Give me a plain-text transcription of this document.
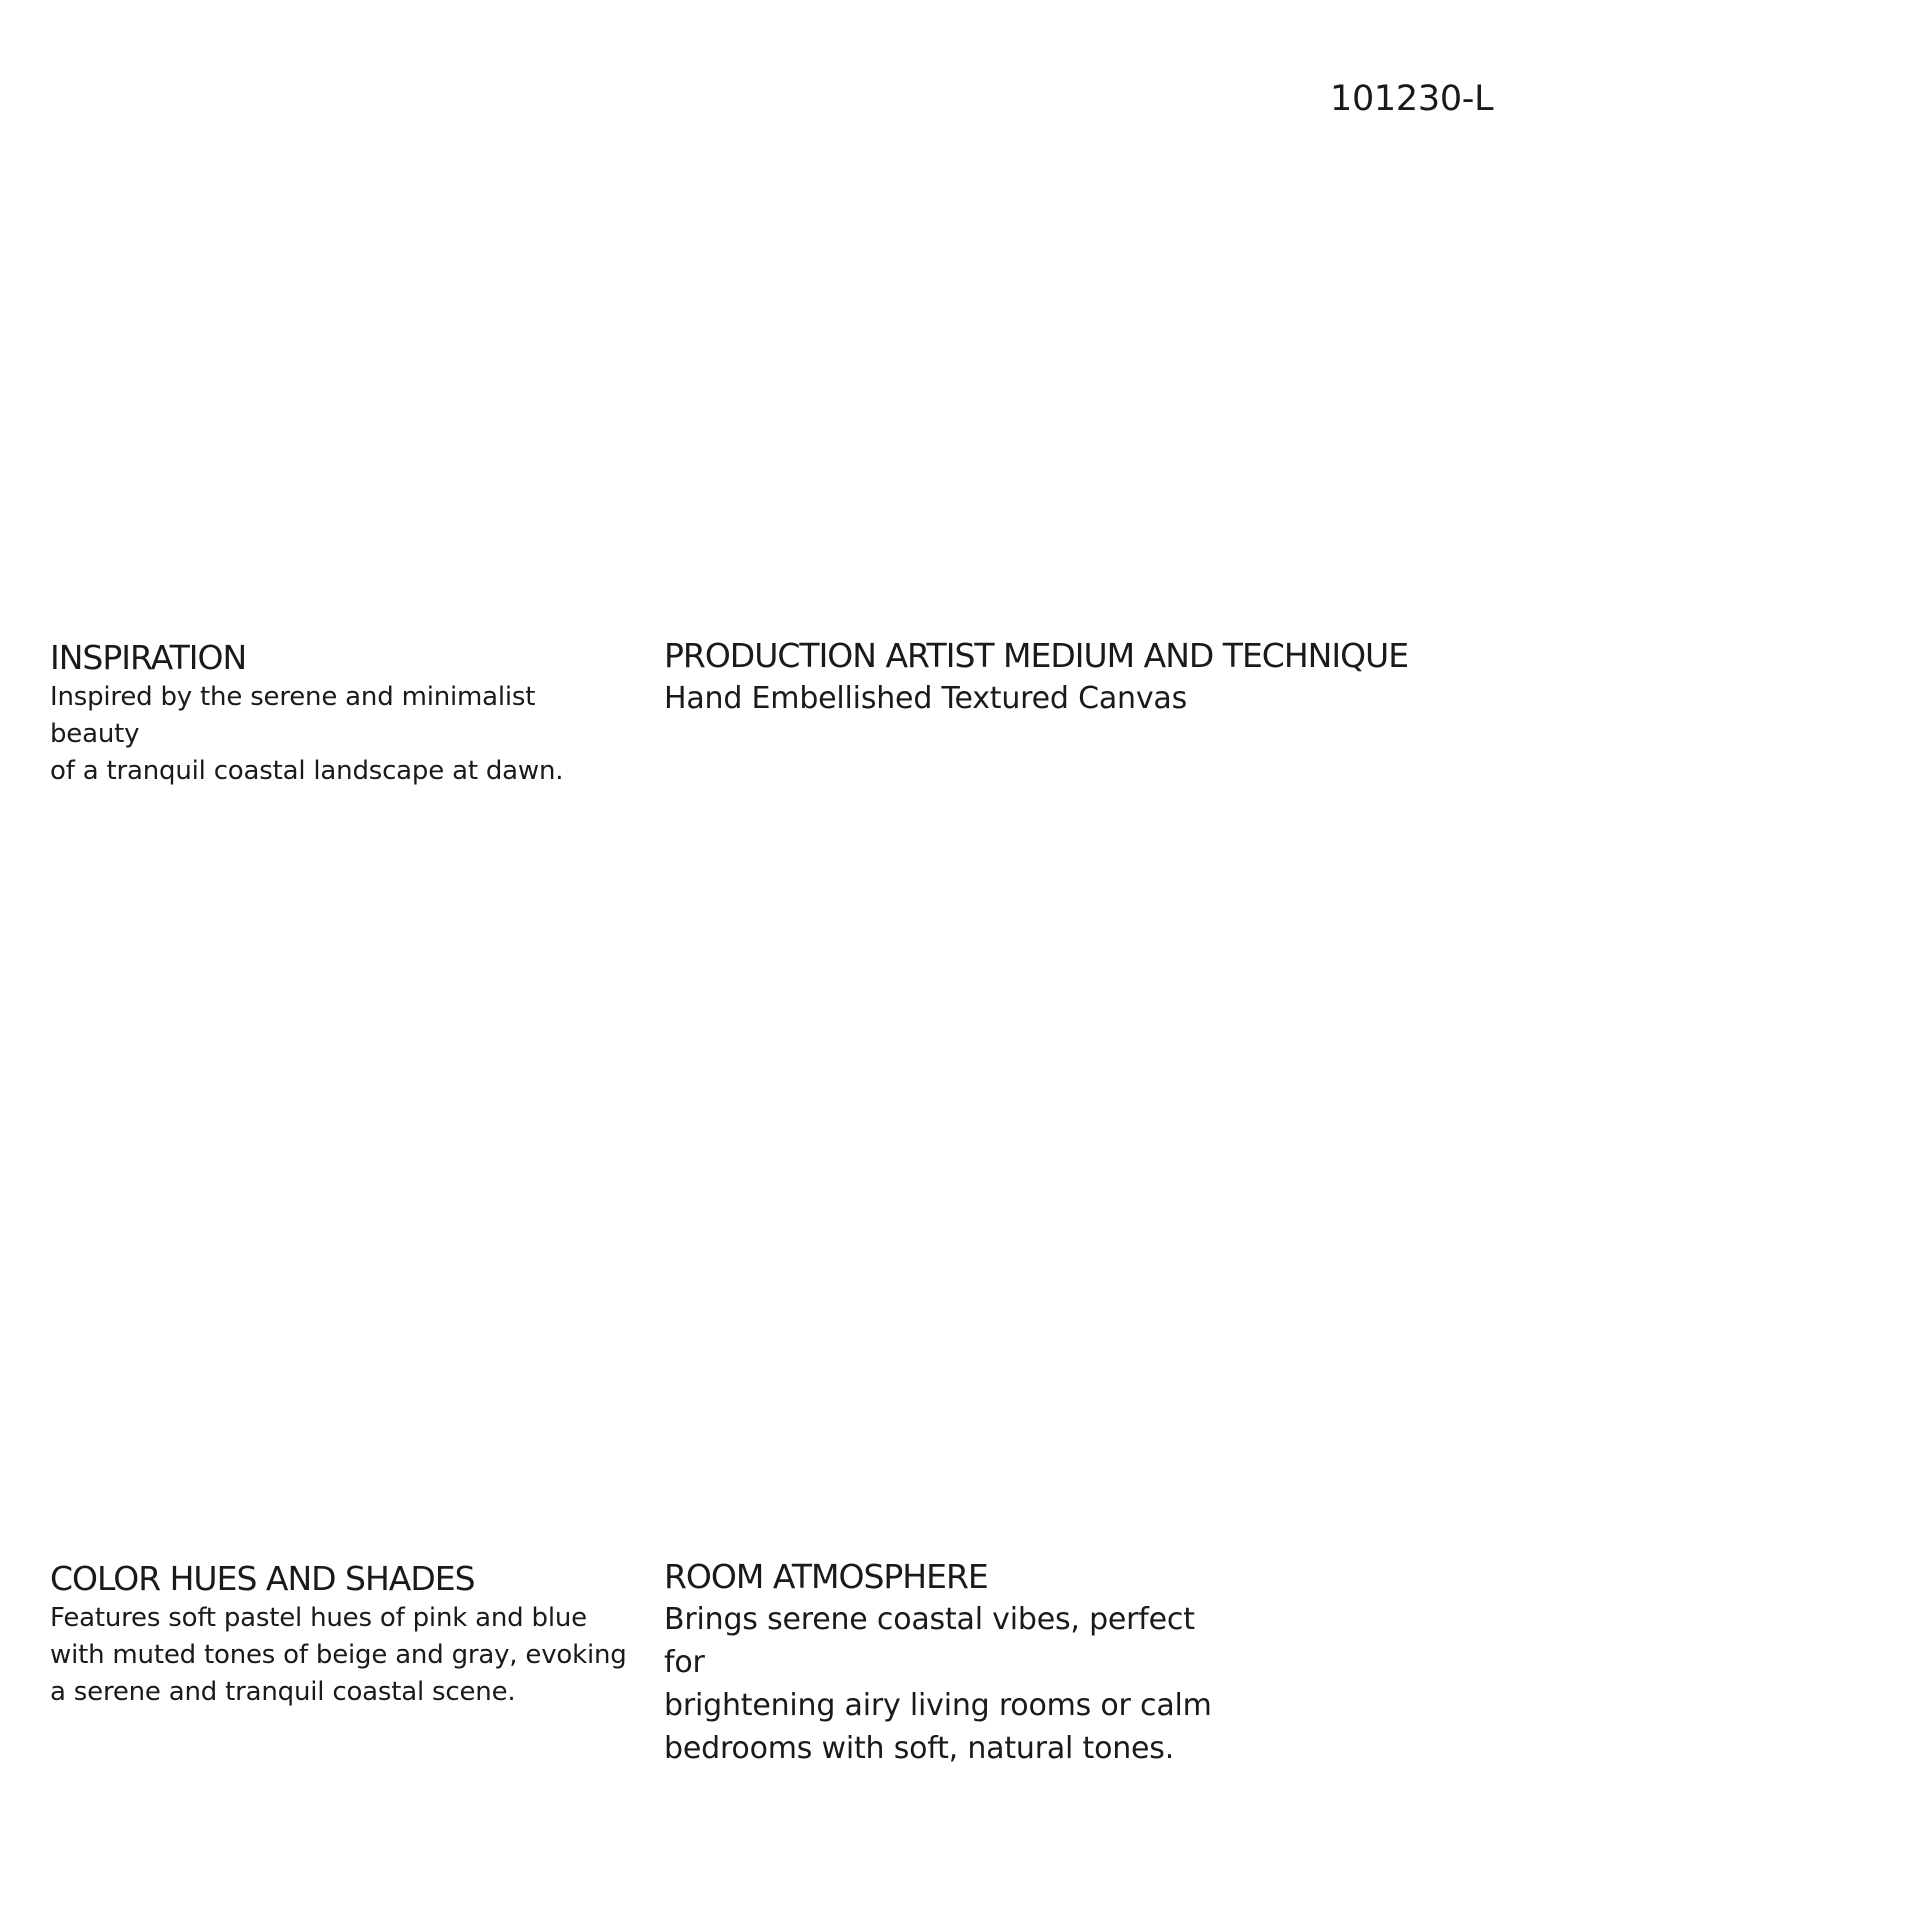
101230-L
INSPIRATION
Inspired by the serene and minimalist beauty
of a tranquil coastal landscape at dawn.
PRODUCTION ARTIST MEDIUM AND TECHNIQUE
Hand Embellished Textured Canvas
COLOR HUES AND SHADES
Features soft pastel hues of pink and blue
with muted tones of beige and gray, evoking
a serene and tranquil coastal scene.
ROOM ATMOSPHERE
Brings serene coastal vibes, perfect for
brightening airy living rooms or calm
bedrooms with soft, natural tones.
